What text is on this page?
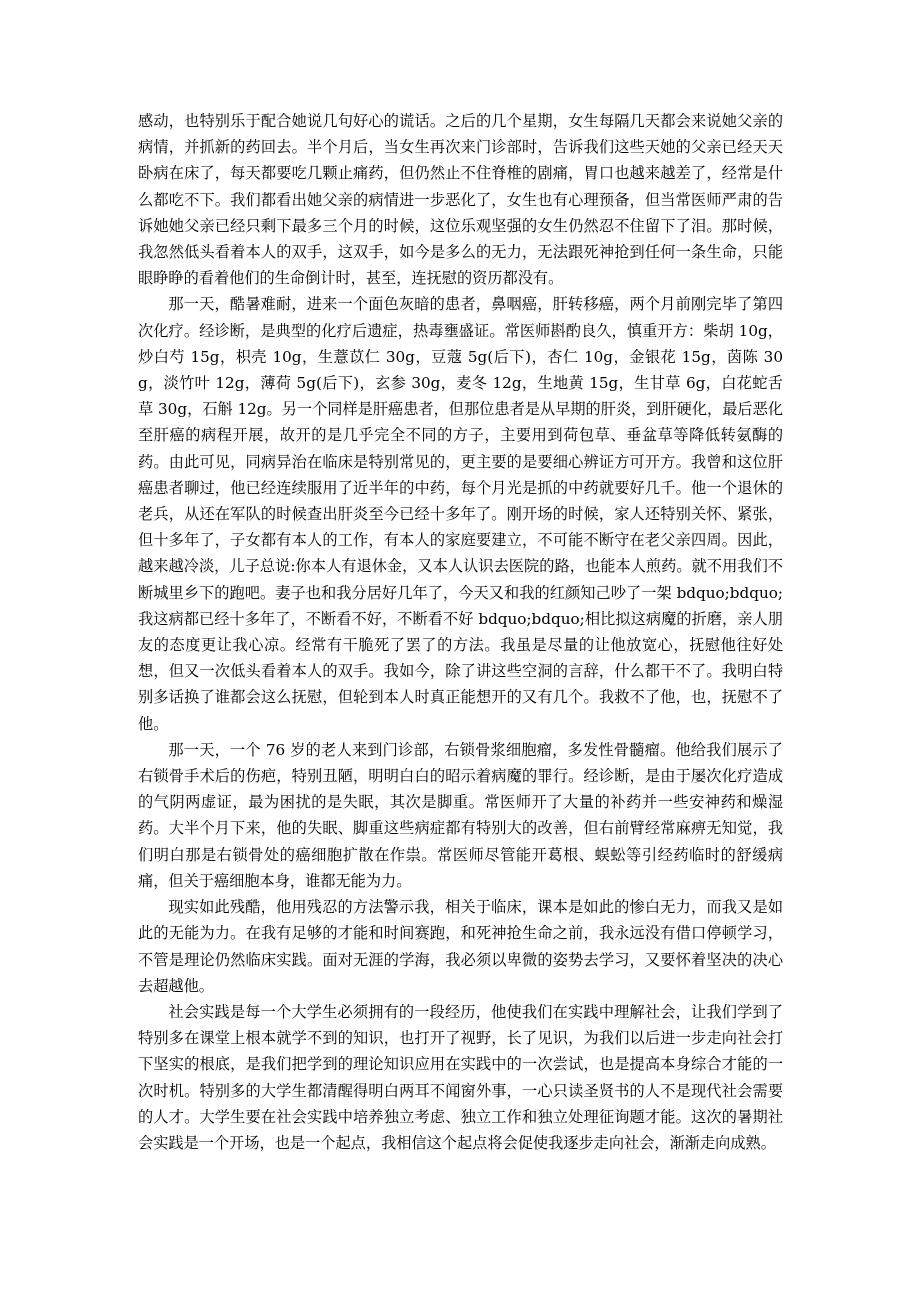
感动，也特别乐于配合她说几句好心的谎话。之后的几个星期，女生每隔几天都会来说她父亲的病情，并抓新的药回去。半个月后，当女生再次来门诊部时，告诉我们这些天她的父亲已经天天卧病在床了，每天都要吃几颗止痛药，但仍然止不住脊椎的剧痛，胃口也越来越差了，经常是什么都吃不下。我们都看出她父亲的病情进一步恶化了，女生也有心理预备，但当常医师严肃的告诉她她父亲已经只剩下最多三个月的时候，这位乐观坚强的女生仍然忍不住留下了泪。那时候，我忽然低头看着本人的双手，这双手，如今是多么的无力，无法跟死神抢到任何一条生命，只能眼睁睁的看着他们的生命倒计时，甚至，连抚慰的资历都没有。

那一天，酷暑难耐，进来一个面色灰暗的患者，鼻咽癌，肝转移癌，两个月前刚完毕了第四次化疗。经诊断，是典型的化疗后遗症，热毒壅盛证。常医师斟酌良久，慎重开方：柴胡 10g，炒白芍 15g，枳壳 10g，生薏苡仁 30g，豆蔻 5g(后下)，杏仁 10g，金银花 15g，茵陈 30g，淡竹叶 12g，薄荷 5g(后下)，玄参 30g，麦冬 12g，生地黄 15g，生甘草 6g，白花蛇舌草 30g，石斛 12g。另一个同样是肝癌患者，但那位患者是从早期的肝炎，到肝硬化，最后恶化至肝癌的病程开展，故开的是几乎完全不同的方子，主要用到荷包草、垂盆草等降低转氨酶的药。由此可见，同病异治在临床是特别常见的，更主要的是要细心辨证方可开方。我曾和这位肝癌患者聊过，他已经连续服用了近半年的中药，每个月光是抓的中药就要好几千。他一个退休的老兵，从还在军队的时候查出肝炎至今已经十多年了。刚开场的时候，家人还特别关怀、紧张，但十多年了，子女都有本人的工作，有本人的家庭要建立，不可能不断守在老父亲四周。因此，越来越冷淡，儿子总说:你本人有退休金，又本人认识去医院的路，也能本人煎药。就不用我们不断城里乡下的跑吧。妻子也和我分居好几年了，今天又和我的红颜知己吵了一架 bdquo;bdquo;我这病都已经十多年了，不断看不好，不断看不好 bdquo;bdquo;相比拟这病魔的折磨，亲人朋友的态度更让我心凉。经常有干脆死了罢了的方法。我虽是尽量的让他放宽心，抚慰他往好处想，但又一次低头看着本人的双手。我如今，除了讲这些空洞的言辞，什么都干不了。我明白特别多话换了谁都会这么抚慰，但轮到本人时真正能想开的又有几个。我救不了他，也，抚慰不了他。

那一天，一个 76 岁的老人来到门诊部，右锁骨浆细胞瘤，多发性骨髓瘤。他给我们展示了右锁骨手术后的伤疤，特别丑陋，明明白白的昭示着病魔的罪行。经诊断，是由于屡次化疗造成的气阴两虚证，最为困扰的是失眠，其次是脚重。常医师开了大量的补药并一些安神药和燥湿药。大半个月下来，他的失眠、脚重这些病症都有特别大的改善，但右前臂经常麻痹无知觉，我们明白那是右锁骨处的癌细胞扩散在作祟。常医师尽管能开葛根、蜈蚣等引经药临时的舒缓病痛，但关于癌细胞本身，谁都无能为力。

现实如此残酷，他用残忍的方法警示我，相关于临床，课本是如此的惨白无力，而我又是如此的无能为力。在我有足够的才能和时间赛跑，和死神抢生命之前，我永远没有借口停顿学习，不管是理论仍然临床实践。面对无涯的学海，我必须以卑微的姿势去学习，又要怀着坚决的决心去超越他。

社会实践是每一个大学生必须拥有的一段经历，他使我们在实践中理解社会，让我们学到了特别多在课堂上根本就学不到的知识，也打开了视野，长了见识，为我们以后进一步走向社会打下坚实的根底，是我们把学到的理论知识应用在实践中的一次尝试，也是提高本身综合才能的一次时机。特别多的大学生都清醒得明白两耳不闻窗外事，一心只读圣贤书的人不是现代社会需要的人才。大学生要在社会实践中培养独立考虑、独立工作和独立处理征询题才能。这次的暑期社会实践是一个开场，也是一个起点，我相信这个起点将会促使我逐步走向社会，渐渐走向成熟。
